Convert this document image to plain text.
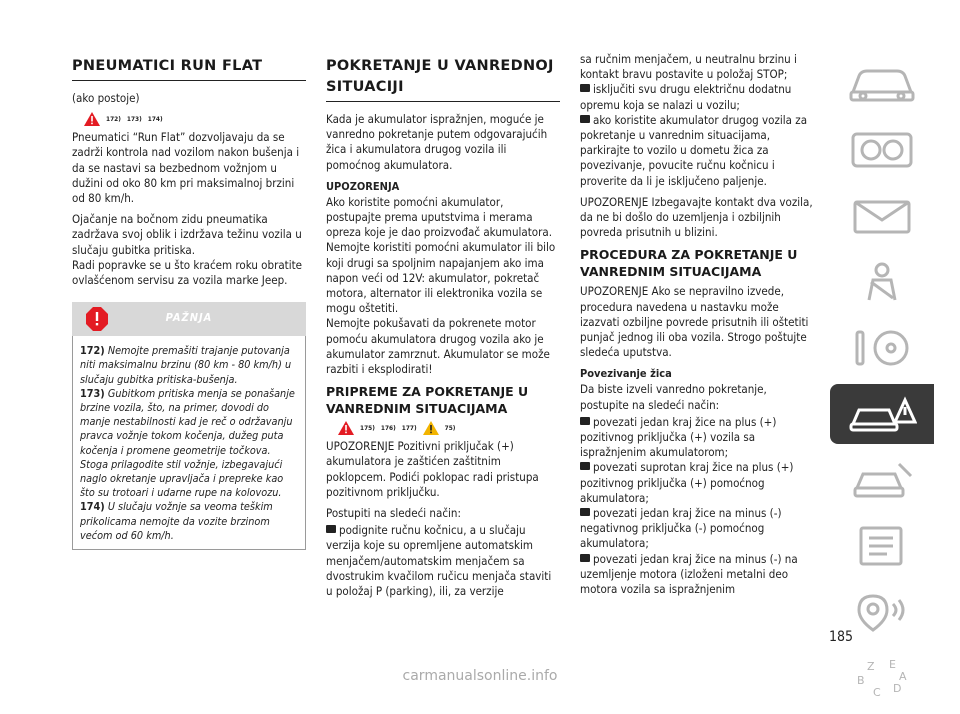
PNEUMATICI RUN FLAT

(ako postoje)

172) 173) 174)

Pneumatici “Run Flat” dozvoljavaju da se zadrži kontrola nad vozilom nakon bušenja i da se nastavi sa bezbednom vožnjom u dužini od oko 80 km pri maksimalnoj brzini od 80 km/h.

Ojačanje na bočnom zidu pneumatika zadržava svoj oblik i izdržava težinu vozila u slučaju gubitka pritiska.

Radi popravke se u što kraćem roku obratite ovlašćenom servisu za vozila marke Jeep.

PAŽNJA
172) Nemojte premašiti trajanje putovanja niti maksimalnu brzinu (80 km - 80 km/h) u slučaju gubitka pritiska-bušenja.
173) Gubitkom pritiska menja se ponašanje brzine vozila, što, na primer, dovodi do manje nestabilnosti kad je reč o održavanju pravca vožnje tokom kočenja, dužeg puta kočenja i promene geometrije točkova. Stoga prilagodite stil vožnje, izbegavajući naglo okretanje upravljača i prepreke kao što su trotoari i udarne rupe na kolovozu.
174) U slučaju vožnje sa veoma teškim prikolicama nemojte da vozite brzinom većom od 60 km/h.
POKRETANJE U VANREDNOJ SITUACIJI

Kada je akumulator ispražnjen, moguće je vanredno pokretanje putem odgovarajućih žica i akumulatora drugog vozila ili pomoćnog akumulatora.

UPOZORENJA

Ako koristite pomoćni akumulator, postupajte prema uputstvima i merama opreza koje je dao proizvođač akumulatora.

Nemojte koristiti pomoćni akumulator ili bilo koji drugi sa spoljnim napajanjem ako ima napon veći od 12V: akumulator, pokretač motora, alternator ili elektronika vozila se mogu oštetiti.

Nemojte pokušavati da pokrenete motor pomoću akumulatora drugog vozila ako je akumulator zamrznut. Akumulator se može razbiti i eksplodirati!

PRIPREME ZA POKRETANJE U VANREDNIM SITUACIJAMA
175) 176) 177)	75)

UPOZORENJE Pozitivni priključak (+) akumulatora je zaštićen zaštitnim poklopcem. Podići poklopac radi pristupa pozitivnom priključku.

Postupiti na sledeći način:

podignite ručnu kočnicu, a u slučaju verzija koje su opremljene automatskim menjačem/automatskim menjačem sa dvostrukim kvačilom ručicu menjača staviti u položaj P (parking), ili, za verzije

sa ručnim menjačem, u neutralnu brzinu i kontakt bravu postavite u položaj STOP;

isključiti svu drugu električnu dodatnu opremu koja se nalazi u vozilu;

ako koristite akumulator drugog vozila za pokretanje u vanrednim situacijama, parkirajte to vozilo u dometu žica za povezivanje, povucite ručnu kočnicu i proverite da li je isključeno paljenje.

UPOZORENJE Izbegavajte kontakt dva vozila, da ne bi došlo do uzemljenja i ozbiljnih povreda prisutnih u blizini.

PROCEDURA ZA POKRETANJE U VANREDNIM SITUACIJAMA

UPOZORENJE Ako se nepravilno izvede, procedura navedena u nastavku može izazvati ozbiljne povrede prisutnih ili oštetiti punjač jednog ili oba vozila. Strogo poštujte sledeća uputstva.

Povezivanje žica

Da biste izveli vanredno pokretanje, postupite na sledeći način:

povezati jedan kraj žice na plus (+) pozitivnog priključka (+) vozila sa ispražnjenim akumulatorom;

povezati suprotan kraj žice na plus (+) pozitivnog priključka (+) pomoćnog akumulatora;

povezati jedan kraj žice na minus (-) negativnog priključka (-) pomoćnog akumulatora;

povezati jedan kraj žice na minus (-) na uzemljenje motora (izloženi metalni deo motora vozila sa ispražnjenim

Z E
B
C D
A
185
carmanualsonline.info
